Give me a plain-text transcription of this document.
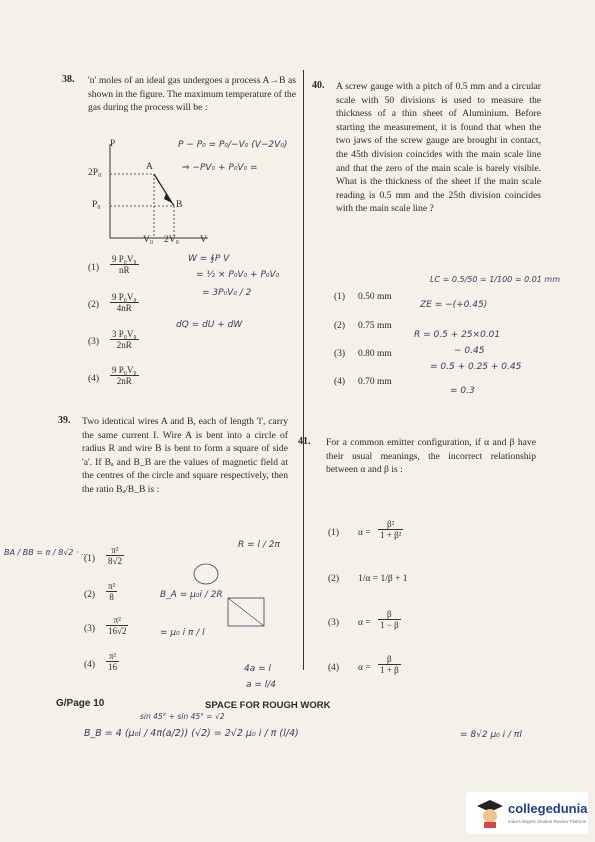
38. 'n' moles of an ideal gas undergoes a process A→B as shown in the figure. The maximum temperature of the gas during the process will be :
P
2P₀
P₀
A
B
V₀ 2V₀ V
$(1) \frac{\text{9 P₀V₀}}{nR}$
$(2) \frac{\text{9 P₀V₀}}{4nR}$
$(3) \frac{\text{3 P₀V₀}}{2nR}$
$(4) \frac{\text{9 P₀V₀}}{2nR}$
P − P₀ = P₀/−V₀ (V−2V₀)
⇒ −PV₀ + P₀V₀ =
W = ∮P V
= ½ × P₀V₀ + P₀V₀
= 3P₀V₀ / 2
dQ = dU + dW
39. Two identical wires A and B, each of length 'l', carry the same current I. Wire A is bent into a circle of radius R and wire B is bent to form a square of side 'a'. If Bₐ and B_B are the values of magnetic field at the centres of the circle and square respectively, then the ratio Bₐ/B_B is :
$(1) \frac{\text{π²}}{8√2}$
$(2) \frac{\text{π²}}{8}$
$(3) \frac{\text{π²}}{16√2}$
$(4) \frac{\text{π²}}{16}$
R = l / 2π
B_A = μ₀i / 2R
= μ₀ i π / l
4a = l
a = l/4
BA / BB = π / 8√2 · ...
40. A screw gauge with a pitch of 0.5 mm and a circular scale with 50 divisions is used to measure the thickness of a thin sheet of Aluminium. Before starting the measurement, it is found that when the two jaws of the screw gauge are brought in contact, the 45th division coincides with the main scale line and that the zero of the main scale is barely visible. What is the thickness of the sheet if the main scale reading is 0.5 mm and the 25th division coincides with the main scale line ?
(1) 0.50 mm
(2) 0.75 mm
(3) 0.80 mm
(4) 0.70 mm
LC = 0.5/50 = 1/100 = 0.01 mm
ZE = −(+0.45)
R = 0.5 + 25×0.01
− 0.45
= 0.5 + 0.25 + 0.45
= 0.3
41. For a common emitter configuration, if α and β have their usual meanings, the incorrect relationship between α and β is :
(1) $\alpha = \frac{\text{β²}}{\text{1 + β²}}$
(2) 1/α = 1/β + 1
(3) $\alpha = \frac{\beta}{1 - \beta}$
(4) $\alpha = \frac{\beta}{1 + \beta}$
G/Page 10	SPACE FOR ROUGH WORK
sin 45° + sin 45° = √2
B_B = 4 (μ₀i / 4π(a/2)) (√2) = 2√2 μ₀ i / π (l/4)	= 8√2 μ₀ i / πl
collegedunia
India's largest Student Review Platform
